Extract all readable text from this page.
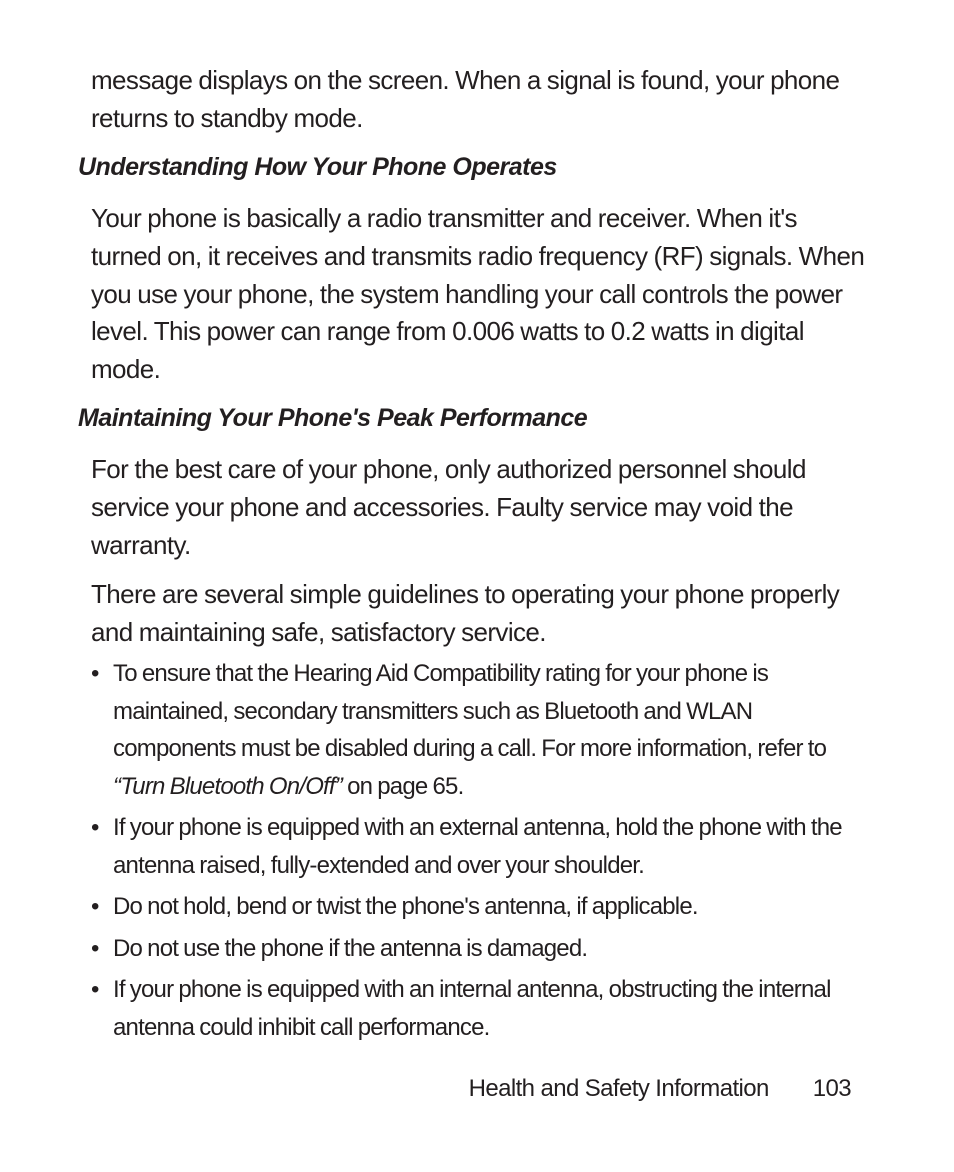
message displays on the screen. When a signal is found, your phone returns to standby mode.

Understanding How Your Phone Operates

Your phone is basically a radio transmitter and receiver. When it's turned on, it receives and transmits radio frequency (RF) signals. When you use your phone, the system handling your call controls the power level. This power can range from 0.006 watts to 0.2 watts in digital mode.

Maintaining Your Phone's Peak Performance

For the best care of your phone, only authorized personnel should service your phone and accessories. Faulty service may void the warranty.

There are several simple guidelines to operating your phone properly and maintaining safe, satisfactory service.

• To ensure that the Hearing Aid Compatibility rating for your phone is maintained, secondary transmitters such as Bluetooth and WLAN components must be disabled during a call. For more information, refer to “Turn Bluetooth On/Off” on page 65.
• If your phone is equipped with an external antenna, hold the phone with the antenna raised, fully-extended and over your shoulder.
• Do not hold, bend or twist the phone's antenna, if applicable.
• Do not use the phone if the antenna is damaged.
• If your phone is equipped with an internal antenna, obstructing the internal antenna could inhibit call performance.
Health and Safety Information 103
